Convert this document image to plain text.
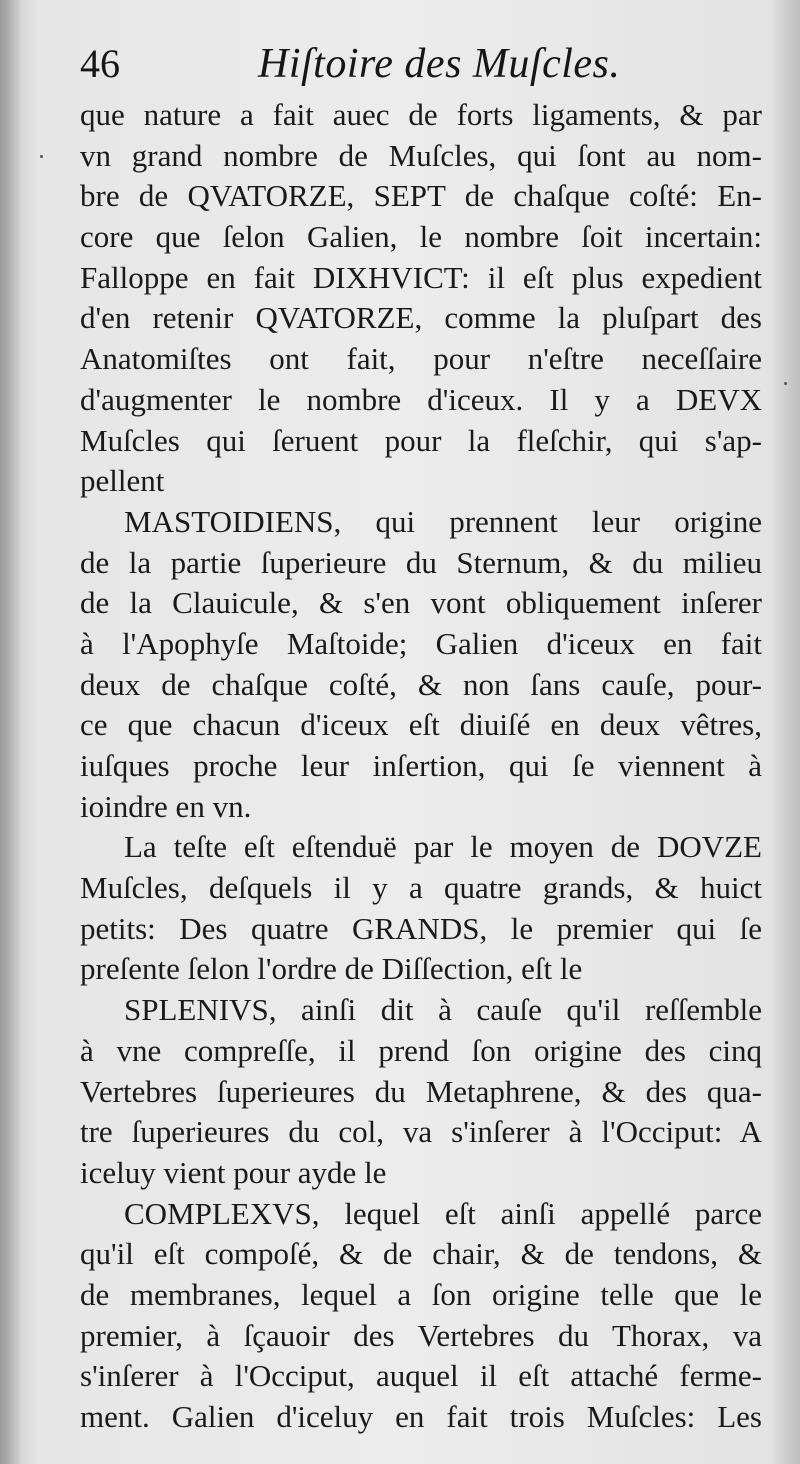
46	Hiſtoire des Muſcles.
que nature a fait auec de forts ligaments, & par
vn grand nombre de Muſcles, qui ſont au nom-
bre de QVATORZE, SEPT de chaſque coſté: En-
core que ſelon Galien, le nombre ſoit incertain:
Falloppe en fait DIXHVICT: il eſt plus expedient
d'en retenir QVATORZE, comme la pluſpart des
Anatomiſtes ont fait, pour n'eſtre neceſſaire
d'augmenter le nombre d'iceux. Il y a DEVX
Muſcles qui ſeruent pour la fleſchir, qui s'ap-
pellent
MASTOIDIENS, qui prennent leur origine
de la partie ſuperieure du Sternum, & du milieu
de la Clauicule, & s'en vont obliquement inſerer
à l'Apophyſe Maſtoide; Galien d'iceux en fait
deux de chaſque coſté, & non ſans cauſe, pour-
ce que chacun d'iceux eſt diuiſé en deux vêtres,
iuſques proche leur inſertion, qui ſe viennent à
ioindre en vn.
La teſte eſt eſtenduë par le moyen de DOVZE
Muſcles, deſquels il y a quatre grands, & huict
petits: Des quatre GRANDS, le premier qui ſe
preſente ſelon l'ordre de Diſſection, eſt le
SPLENIVS, ainſi dit à cauſe qu'il reſſemble
à vne compreſſe, il prend ſon origine des cinq
Vertebres ſuperieures du Metaphrene, & des qua-
tre ſuperieures du col, va s'inſerer à l'Occiput: A
iceluy vient pour ayde le
COMPLEXVS, lequel eſt ainſi appellé parce
qu'il eſt compoſé, & de chair, & de tendons, &
de membranes, lequel a ſon origine telle que le
premier, à ſçauoir des Vertebres du Thorax, va
s'inſerer à l'Occiput, auquel il eſt attaché ferme-
ment. Galien d'iceluy en fait trois Muſcles: Les
